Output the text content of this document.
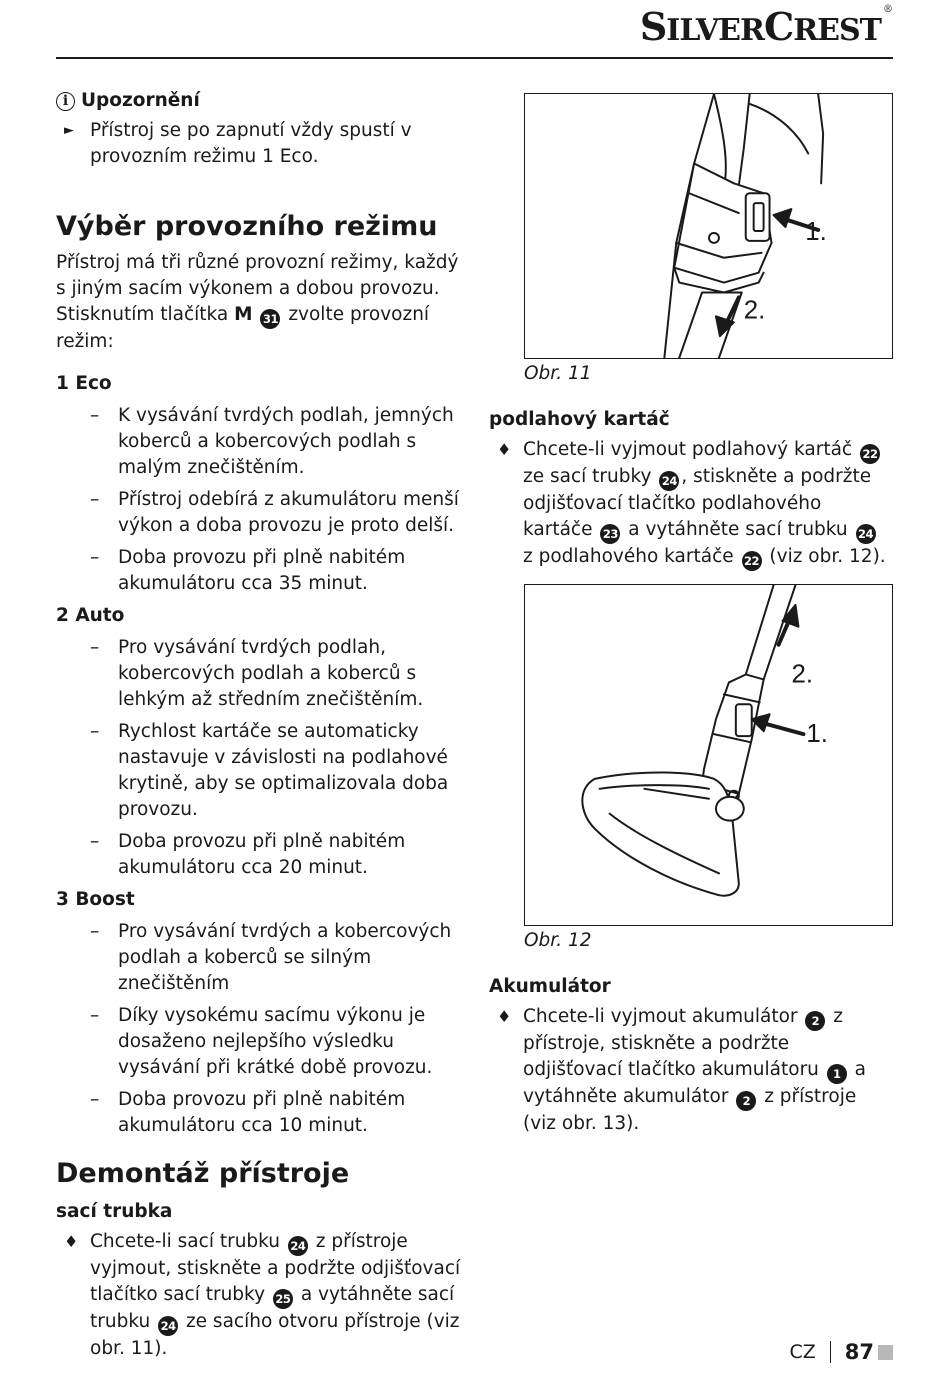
SILVERCREST®
i Upozornění
► Přístroj se po zapnutí vždy spustí v provozním režimu 1 Eco.
Výběr provozního režimu

Přístroj má tři různé provozní režimy, každý s jiným sacím výkonem a dobou provozu. Stisknutím tlačítka M 31 zvolte provozní režim:

1 Eco
– K vysávání tvrdých podlah, jemných koberců a kobercových podlah s malým znečištěním.
– Přístroj odebírá z akumulátoru menší výkon a doba provozu je proto delší.
– Doba provozu při plně nabitém akumulátoru cca 35 minut.
2 Auto
– Pro vysávání tvrdých podlah, kobercových podlah a koberců s lehkým až středním znečištěním.
– Rychlost kartáče se automaticky nastavuje v závislosti na podlahové krytině, aby se optimalizovala doba provozu.
– Doba provozu při plně nabitém akumulátoru cca 20 minut.
3 Boost
– Pro vysávání tvrdých a kobercových podlah a koberců se silným znečištěním
– Díky vysokému sacímu výkonu je dosaženo nejlepšího výsledku vysávání při krátké době provozu.
– Doba provozu při plně nabitém akumulátoru cca 10 minut.
Demontáž přístroje
sací trubka
♦ Chcete-li sací trubku 24 z přístroje vyjmout, stiskněte a podržte odjišťovací tlačítko sací trubky 25 a vytáhněte sací trubku 24 ze sacího otvoru přístroje (viz obr. 11).
1.
2.
Obr. 11
podlahový kartáč
♦ Chcete-li vyjmout podlahový kartáč 22 ze sací trubky 24 , stiskněte a podržte odjišťovací tlačítko podlahového kartáče 23 a vytáhněte sací trubku 24 z podlahového kartáče 22 (viz obr. 12).
2.
1.
Obr. 12
Akumulátor
♦ Chcete-li vyjmout akumulátor 2 z přístroje, stiskněte a podržte odjišťovací tlačítko akumulátoru 1 a vytáhněte akumulátor 2 z přístroje (viz obr. 13).
CZ 87
